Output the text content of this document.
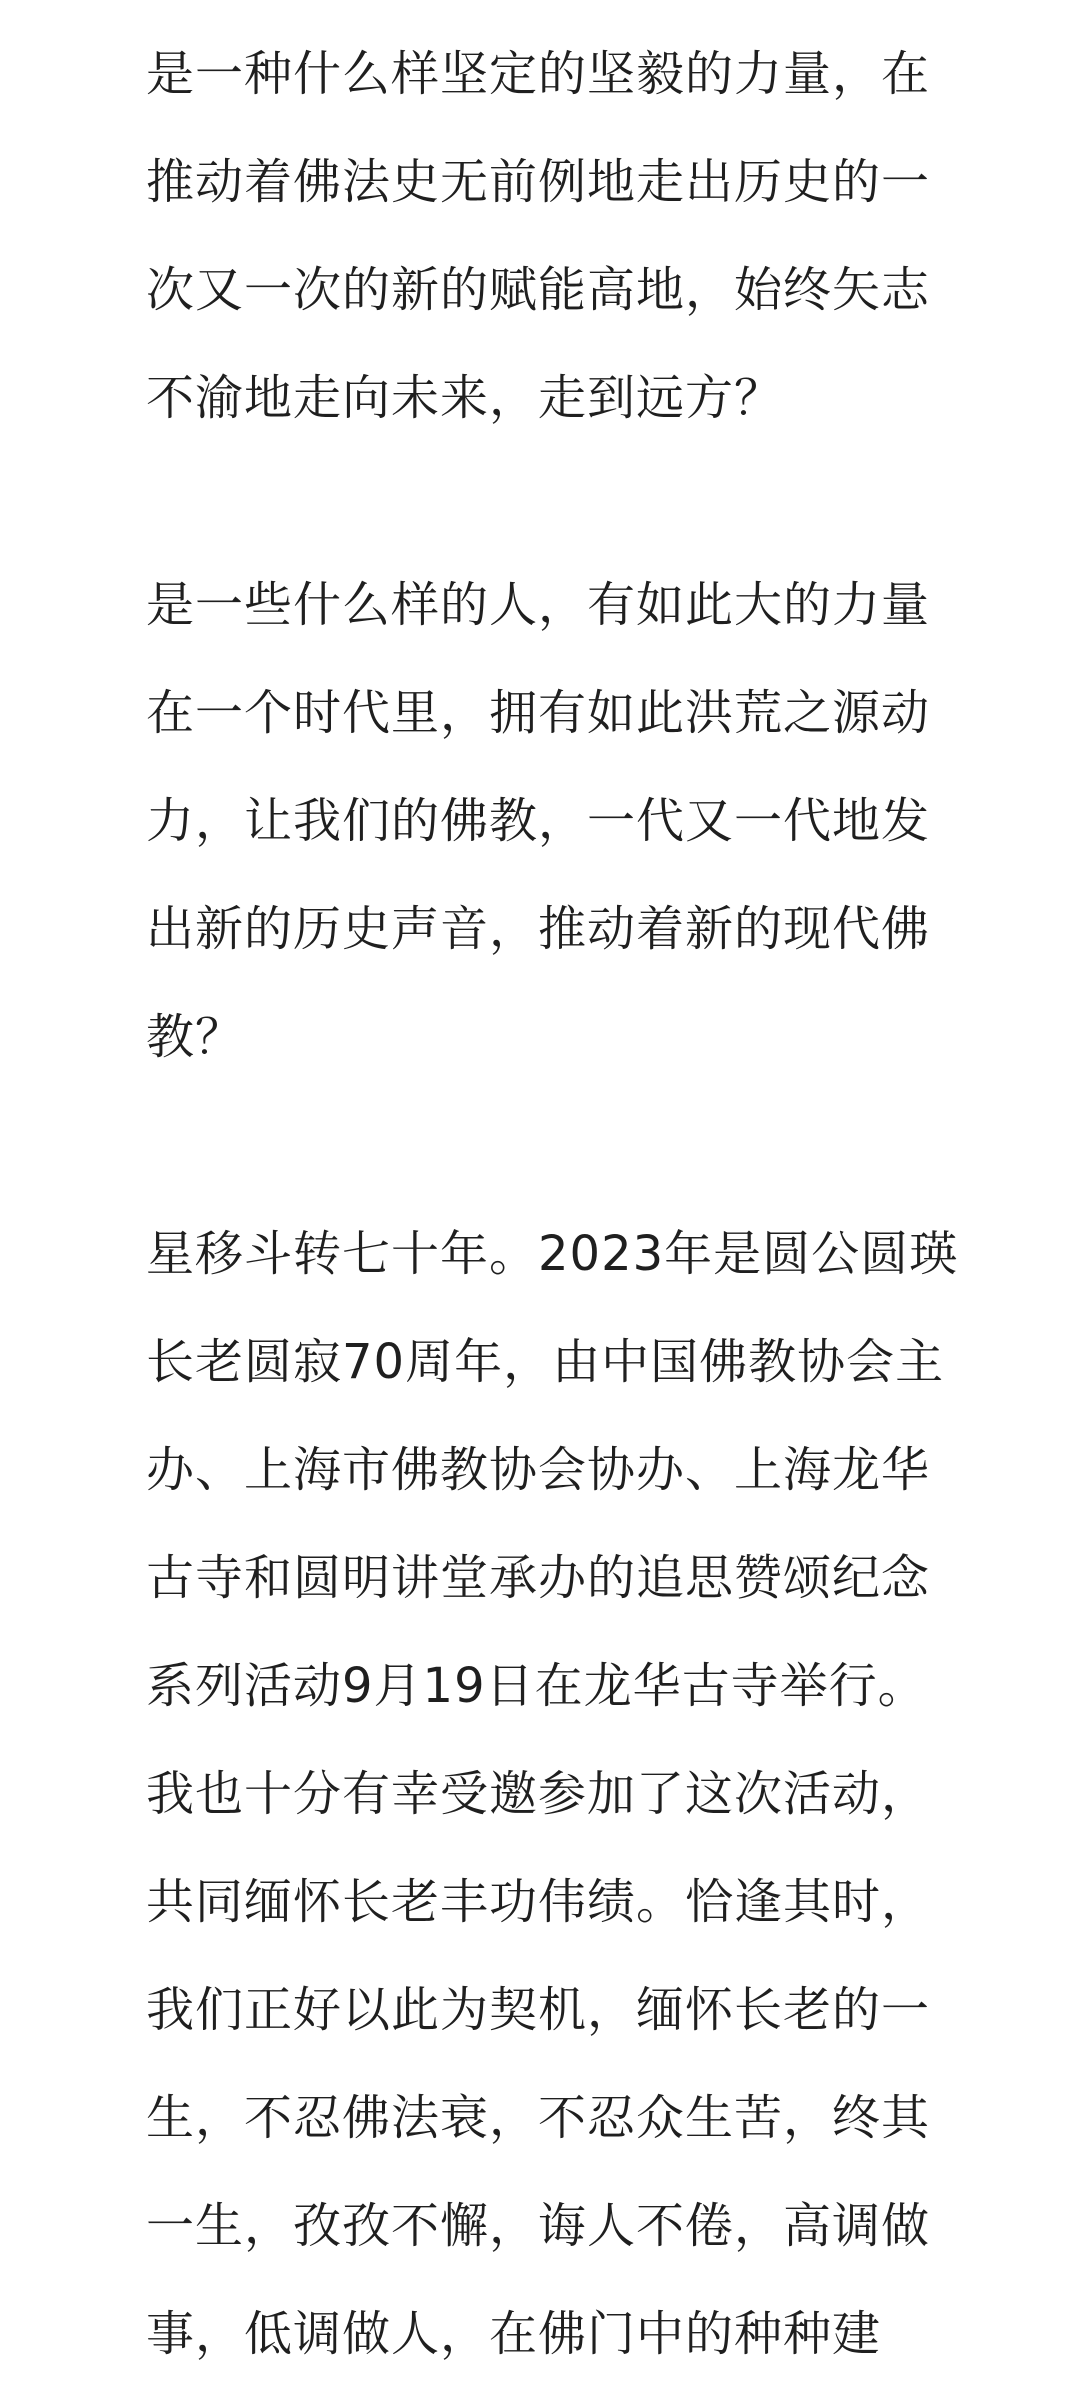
是一种什么样坚定的坚毅的力量，在
推动着佛法史无前例地走出历史的一
次又一次的新的赋能高地，始终矢志
不渝地走向未来，走到远方？
是一些什么样的人，有如此大的力量
在一个时代里，拥有如此洪荒之源动
力，让我们的佛教，一代又一代地发
出新的历史声音，推动着新的现代佛
教？
星移斗转七十年。2023年是圆公圆瑛
长老圆寂70周年，由中国佛教协会主
办、上海市佛教协会协办、上海龙华
古寺和圆明讲堂承办的追思赞颂纪念
系列活动9月19日在龙华古寺举行。
我也十分有幸受邀参加了这次活动，
共同缅怀长老丰功伟绩。恰逢其时，
我们正好以此为契机，缅怀长老的一
生，不忍佛法衰，不忍众生苦，终其
一生，孜孜不懈，诲人不倦，高调做
事，低调做人，在佛门中的种种建
